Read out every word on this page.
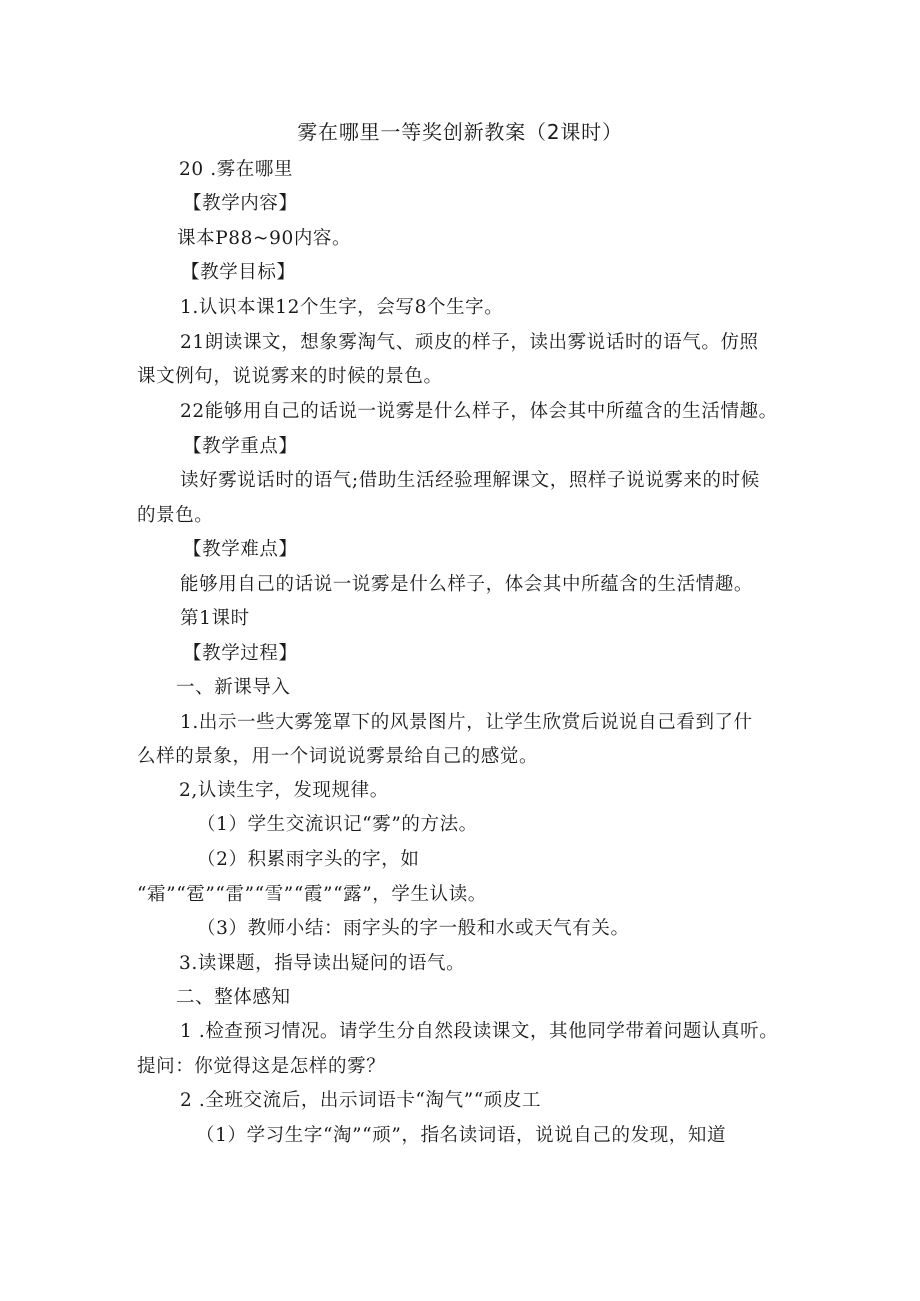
雾在哪里一等奖创新教案（2课时）
20 .雾在哪里
【教学内容】
课本P88~90内容。
【教学目标】
1.认识本课12个生字，会写8个生字。
21朗读课文，想象雾淘气、顽皮的样子，读出雾说话时的语气。仿照
课文例句，说说雾来的时候的景色。
22能够用自己的话说一说雾是什么样子，体会其中所蕴含的生活情趣。
【教学重点】
读好雾说话时的语气;借助生活经验理解课文，照样子说说雾来的时候
的景色。
【教学难点】
能够用自己的话说一说雾是什么样子，体会其中所蕴含的生活情趣。
第1课时
【教学过程】
一、新课导入
1.出示一些大雾笼罩下的风景图片，让学生欣赏后说说自己看到了什
么样的景象，用一个词说说雾景给自己的感觉。
2,认读生字，发现规律。
（1）学生交流识记“雾”的方法。
（2）积累雨字头的字，如
“霜”“雹”“雷”“雪”“霞”“露”，学生认读。
（3）教师小结：雨字头的字一般和水或天气有关。
3.读课题，指导读出疑问的语气。
二、整体感知
1 .检查预习情况。请学生分自然段读课文，其他同学带着问题认真听。
提问：你觉得这是怎样的雾？
2 .全班交流后，出示词语卡“淘气”“顽皮工
（1）学习生字“淘”“顽”，指名读词语，说说自己的发现，知道
